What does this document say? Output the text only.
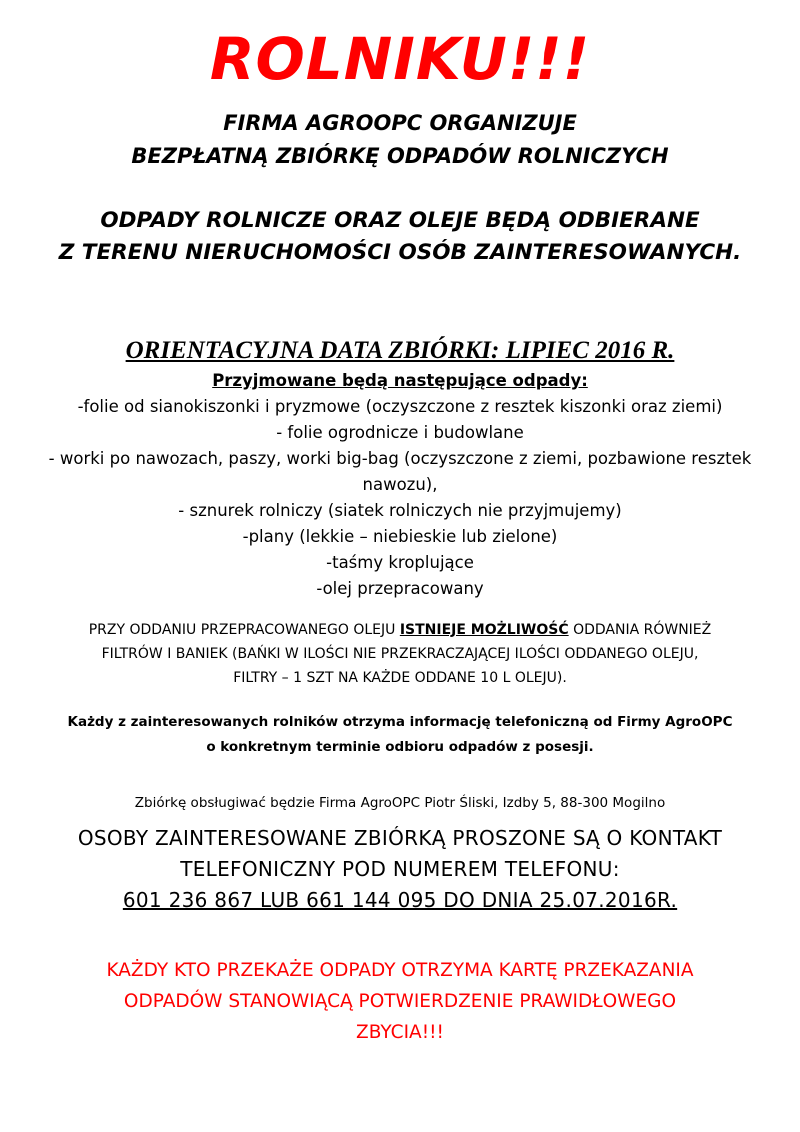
ROLNIKU!!!

FIRMA AGROOPC ORGANIZUJE

BEZPŁATNĄ ZBIÓRKĘ ODPADÓW ROLNICZYCH

ODPADY ROLNICZE ORAZ OLEJE BĘDĄ ODBIERANE

Z TERENU NIERUCHOMOŚCI OSÓB ZAINTERESOWANYCH.

ORIENTACYJNA DATA ZBIÓRKI: LIPIEC 2016 R.

Przyjmowane będą następujące odpady:

-folie od sianokiszonki i pryzmowe (oczyszczone z resztek kiszonki oraz ziemi)

- folie ogrodnicze i budowlane

- worki po nawozach, paszy, worki big-bag (oczyszczone z ziemi, pozbawione resztek

nawozu),

- sznurek rolniczy (siatek rolniczych nie przyjmujemy)

-plany (lekkie – niebieskie lub zielone)

-taśmy kroplujące

-olej przepracowany

PRZY ODDANIU PRZEPRACOWANEGO OLEJU ISTNIEJE MOŻLIWOŚĆ ODDANIA RÓWNIEŻ

FILTRÓW I BANIEK (BAŃKI W ILOŚCI NIE PRZEKRACZAJĄCEJ ILOŚCI ODDANEGO OLEJU,

FILTRY – 1 SZT NA KAŻDE ODDANE 10 L OLEJU).

Każdy z zainteresowanych rolników otrzyma informację telefoniczną od Firmy AgroOPC

o konkretnym terminie odbioru odpadów z posesji.

Zbiórkę obsługiwać będzie Firma AgroOPC Piotr Śliski, Izdby 5, 88-300 Mogilno

OSOBY ZAINTERESOWANE ZBIÓRKĄ PROSZONE SĄ O KONTAKT

TELEFONICZNY POD NUMEREM TELEFONU:

601 236 867 LUB 661 144 095 DO DNIA 25.07.2016R.

KAŻDY KTO PRZEKAŻE ODPADY OTRZYMA KARTĘ PRZEKAZANIA

ODPADÓW STANOWIĄCĄ POTWIERDZENIE PRAWIDŁOWEGO

ZBYCIA!!!
